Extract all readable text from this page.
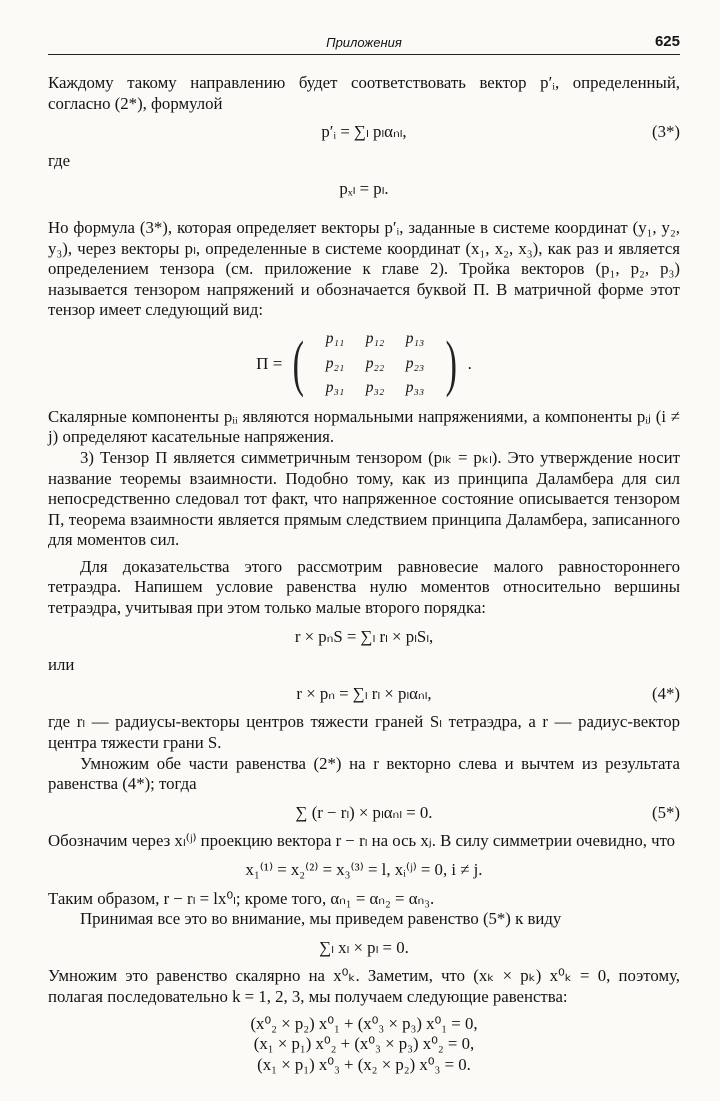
Приложения	625

Каждому такому направлению будет соответствовать вектор p′ᵢ, определенный, согласно (2*), формулой

p′ᵢ = ∑ₗ pₗαₙₗ,	(3*)

где

pₓₗ = pₗ.

Но формула (3*), которая определяет векторы p′ᵢ, заданные в системе координат (y₁, y₂, y₃), через векторы pₗ, определенные в системе координат (x₁, x₂, x₃), как раз и является определением тензора (см. приложение к главе 2). Тройка векторов (p₁, p₂, p₃) называется тензором напряжений и обозначается буквой П. В матричной форме этот тензор имеет следующий вид:

П = (	p₁₁	p₁₂	p₁₃
p₂₁	p₂₂	p₂₃
p₃₁	p₃₂	p₃₃ ) .

Скалярные компоненты pᵢᵢ являются нормальными напряжениями, а компоненты pᵢⱼ (i ≠ j) определяют касательные напряжения.

3) Тензор П является симметричным тензором (pₗₖ = pₖₗ). Это утверждение носит название теоремы взаимности. Подобно тому, как из принципа Даламбера для сил непосредственно следовал тот факт, что напряженное состояние описывается тензором П, теорема взаимности является прямым следствием принципа Даламбера, записанного для моментов сил.

Для доказательства этого рассмотрим равновесие малого равностороннего тетраэдра. Напишем условие равенства нулю моментов относительно вершины тетраэдра, учитывая при этом только малые второго порядка:

r × pₙS = ∑ₗ rₗ × pₗSₗ,

или

r × pₙ = ∑ₗ rₗ × pₗαₙₗ,	(4*)

где rₗ — радиусы-векторы центров тяжести граней Sₗ тетраэдра, а r — радиус-вектор центра тяжести грани S.

Умножим обе части равенства (2*) на r векторно слева и вычтем из результата равенства (4*); тогда

∑ (r − rₗ) × pₗαₙₗ = 0.	(5*)

Обозначим через xₗ⁽ʲ⁾ проекцию вектора r − rₗ на ось xⱼ. В силу симметрии очевидно, что

x₁⁽¹⁾ = x₂⁽²⁾ = x₃⁽³⁾ = l, xᵢ⁽ʲ⁾ = 0, i ≠ j.

Таким образом, r − rₗ = lx⁰ₗ; кроме того, αₙ₁ = αₙ₂ = αₙ₃.

Принимая все это во внимание, мы приведем равенство (5*) к виду

∑ₗ xₗ × pₗ = 0.

Умножим это равенство скалярно на x⁰ₖ. Заметим, что (xₖ × pₖ) x⁰ₖ = 0, поэтому, полагая последовательно k = 1, 2, 3, мы получаем следующие равенства:

(x⁰₂ × p₂) x⁰₁ + (x⁰₃ × p₃) x⁰₁ = 0,
(x₁ × p₁) x⁰₂ + (x⁰₃ × p₃) x⁰₂ = 0,
(x₁ × p₁) x⁰₃ + (x₂ × p₂) x⁰₃ = 0.
